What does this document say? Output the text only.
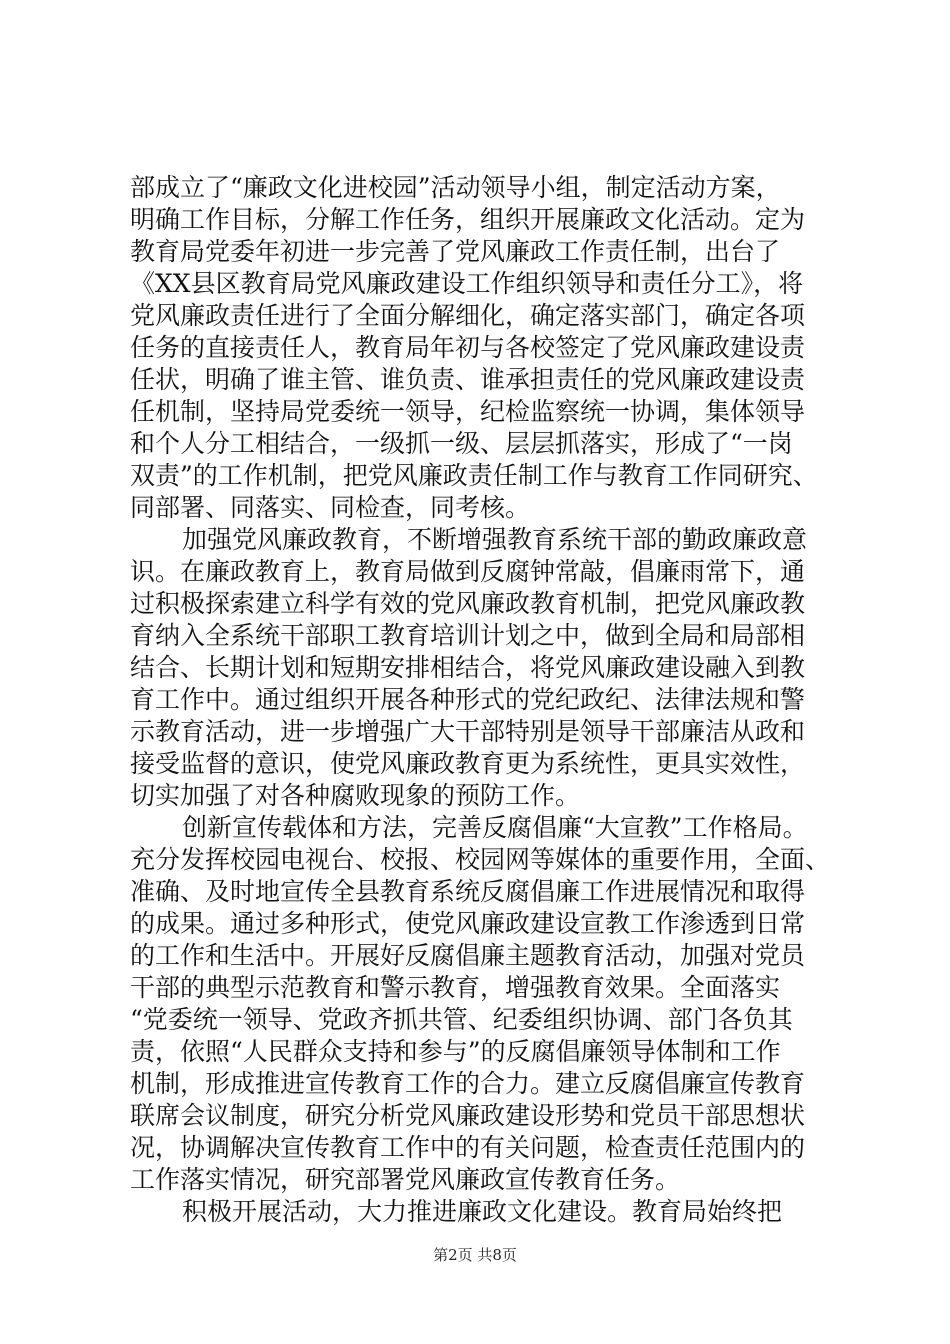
部成立了“廉政文化进校园”活动领导小组，制定活动方案，
明确工作目标，分解工作任务，组织开展廉政文化活动。定为
教育局党委年初进一步完善了党风廉政工作责任制，出台了
《XX县区教育局党风廉政建设工作组织领导和责任分工》，将
党风廉政责任进行了全面分解细化，确定落实部门，确定各项
任务的直接责任人，教育局年初与各校签定了党风廉政建设责
任状，明确了谁主管、谁负责、谁承担责任的党风廉政建设责
任机制，坚持局党委统一领导，纪检监察统一协调，集体领导
和个人分工相结合，一级抓一级、层层抓落实，形成了“一岗
双责”的工作机制，把党风廉政责任制工作与教育工作同研究、
同部署、同落实、同检查，同考核。
加强党风廉政教育，不断增强教育系统干部的勤政廉政意
识。在廉政教育上，教育局做到反腐钟常敲，倡廉雨常下，通
过积极探索建立科学有效的党风廉政教育机制，把党风廉政教
育纳入全系统干部职工教育培训计划之中，做到全局和局部相
结合、长期计划和短期安排相结合，将党风廉政建设融入到教
育工作中。通过组织开展各种形式的党纪政纪、法律法规和警
示教育活动，进一步增强广大干部特别是领导干部廉洁从政和
接受监督的意识，使党风廉政教育更为系统性，更具实效性，
切实加强了对各种腐败现象的预防工作。
创新宣传载体和方法，完善反腐倡廉“大宣教”工作格局。
充分发挥校园电视台、校报、校园网等媒体的重要作用，全面、
准确、及时地宣传全县教育系统反腐倡廉工作进展情况和取得
的成果。通过多种形式，使党风廉政建设宣教工作渗透到日常
的工作和生活中。开展好反腐倡廉主题教育活动，加强对党员
干部的典型示范教育和警示教育，增强教育效果。全面落实
“党委统一领导、党政齐抓共管、纪委组织协调、部门各负其
责，依照“人民群众支持和参与”的反腐倡廉领导体制和工作
机制，形成推进宣传教育工作的合力。建立反腐倡廉宣传教育
联席会议制度，研究分析党风廉政建设形势和党员干部思想状
况，协调解决宣传教育工作中的有关问题，检查责任范围内的
工作落实情况，研究部署党风廉政宣传教育任务。
积极开展活动，大力推进廉政文化建设。教育局始终把
第2页 共8页
